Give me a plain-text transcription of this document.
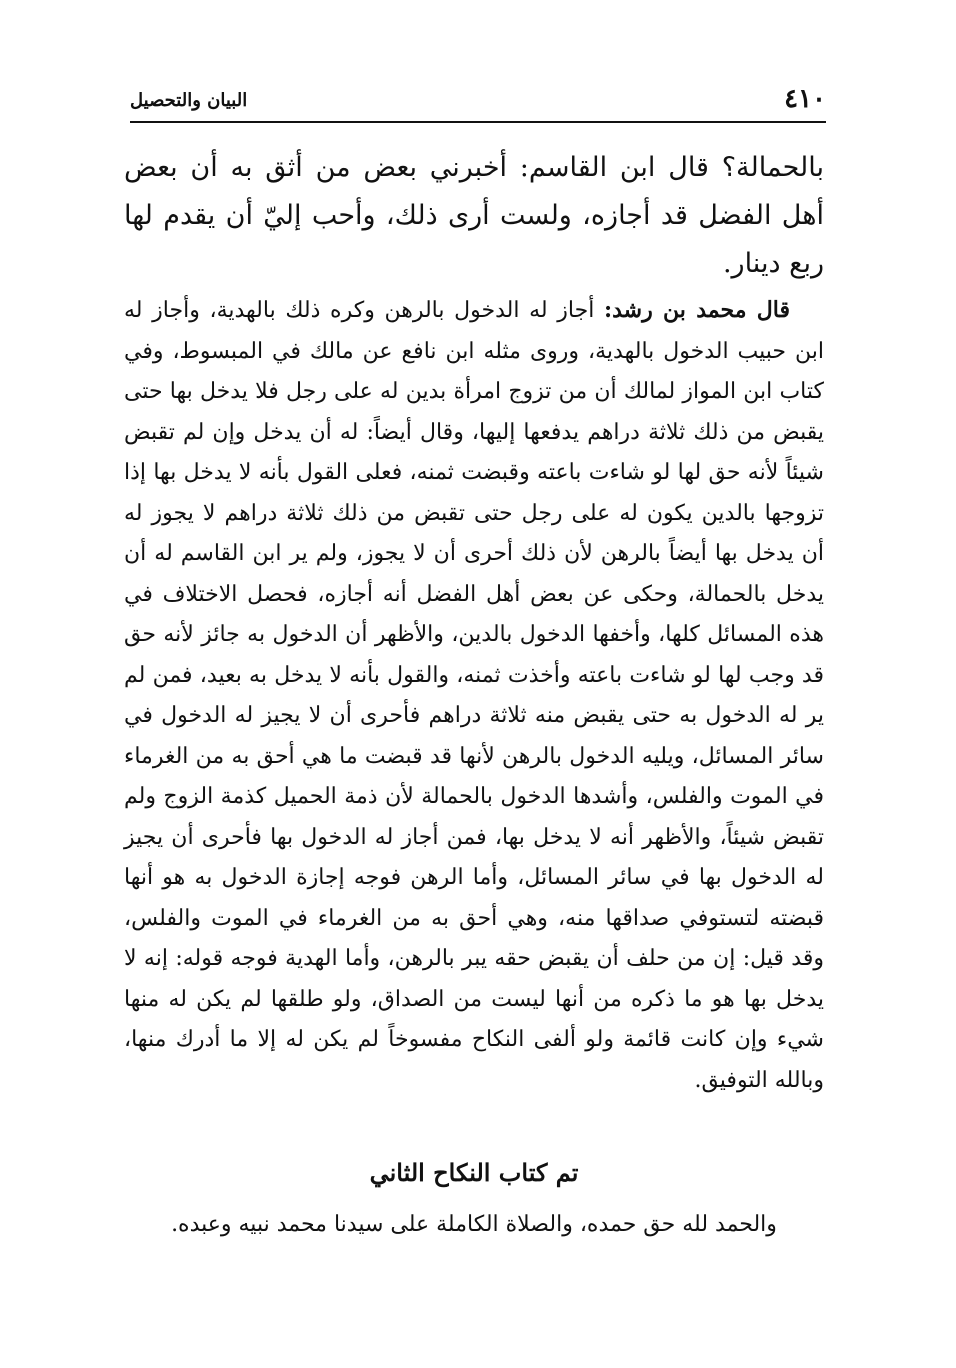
٤١٠
البيان والتحصيل

بالحمالة؟ قال ابن القاسم: أخبرني بعض من أثق به أن بعض أهل الفضل قد أجازه، ولست أرى ذلك، وأحب إليّ أن يقدم لها ربع دينار.

قال محمد بن رشد: أجاز له الدخول بالرهن وكره ذلك بالهدية، وأجاز له ابن حبيب الدخول بالهدية، وروى مثله ابن نافع عن مالك في المبسوط، وفي كتاب ابن المواز لمالك أن من تزوج امرأة بدين له على رجل فلا يدخل بها حتى يقبض من ذلك ثلاثة دراهم يدفعها إليها، وقال أيضاً: له أن يدخل وإن لم تقبض شيئاً لأنه حق لها لو شاءت باعته وقبضت ثمنه، فعلى القول بأنه لا يدخل بها إذا تزوجها بالدين يكون له على رجل حتى تقبض من ذلك ثلاثة دراهم لا يجوز له أن يدخل بها أيضاً بالرهن لأن ذلك أحرى أن لا يجوز، ولم ير ابن القاسم له أن يدخل بالحمالة، وحكى عن بعض أهل الفضل أنه أجازه، فحصل الاختلاف في هذه المسائل كلها، وأخفها الدخول بالدين، والأظهر أن الدخول به جائز لأنه حق قد وجب لها لو شاءت باعته وأخذت ثمنه، والقول بأنه لا يدخل به بعيد، فمن لم ير له الدخول به حتى يقبض منه ثلاثة دراهم فأحرى أن لا يجيز له الدخول في سائر المسائل، ويليه الدخول بالرهن لأنها قد قبضت ما هي أحق به من الغرماء في الموت والفلس، وأشدها الدخول بالحمالة لأن ذمة الحميل كذمة الزوج ولم تقبض شيئاً، والأظهر أنه لا يدخل بها، فمن أجاز له الدخول بها فأحرى أن يجيز له الدخول بها في سائر المسائل، وأما الرهن فوجه إجازة الدخول به هو أنها قبضته لتستوفي صداقها منه، وهي أحق به من الغرماء في الموت والفلس، وقد قيل: إن من حلف أن يقبض حقه يبر بالرهن، وأما الهدية فوجه قوله: إنه لا يدخل بها هو ما ذكره من أنها ليست من الصداق، ولو طلقها لم يكن له منها شيء وإن كانت قائمة ولو ألفى النكاح مفسوخاً لم يكن له إلا ما أدرك منها، وبالله التوفيق.

تم كتاب النكاح الثاني
والحمد لله حق حمده، والصلاة الكاملة على سيدنا محمد نبيه وعبده.
